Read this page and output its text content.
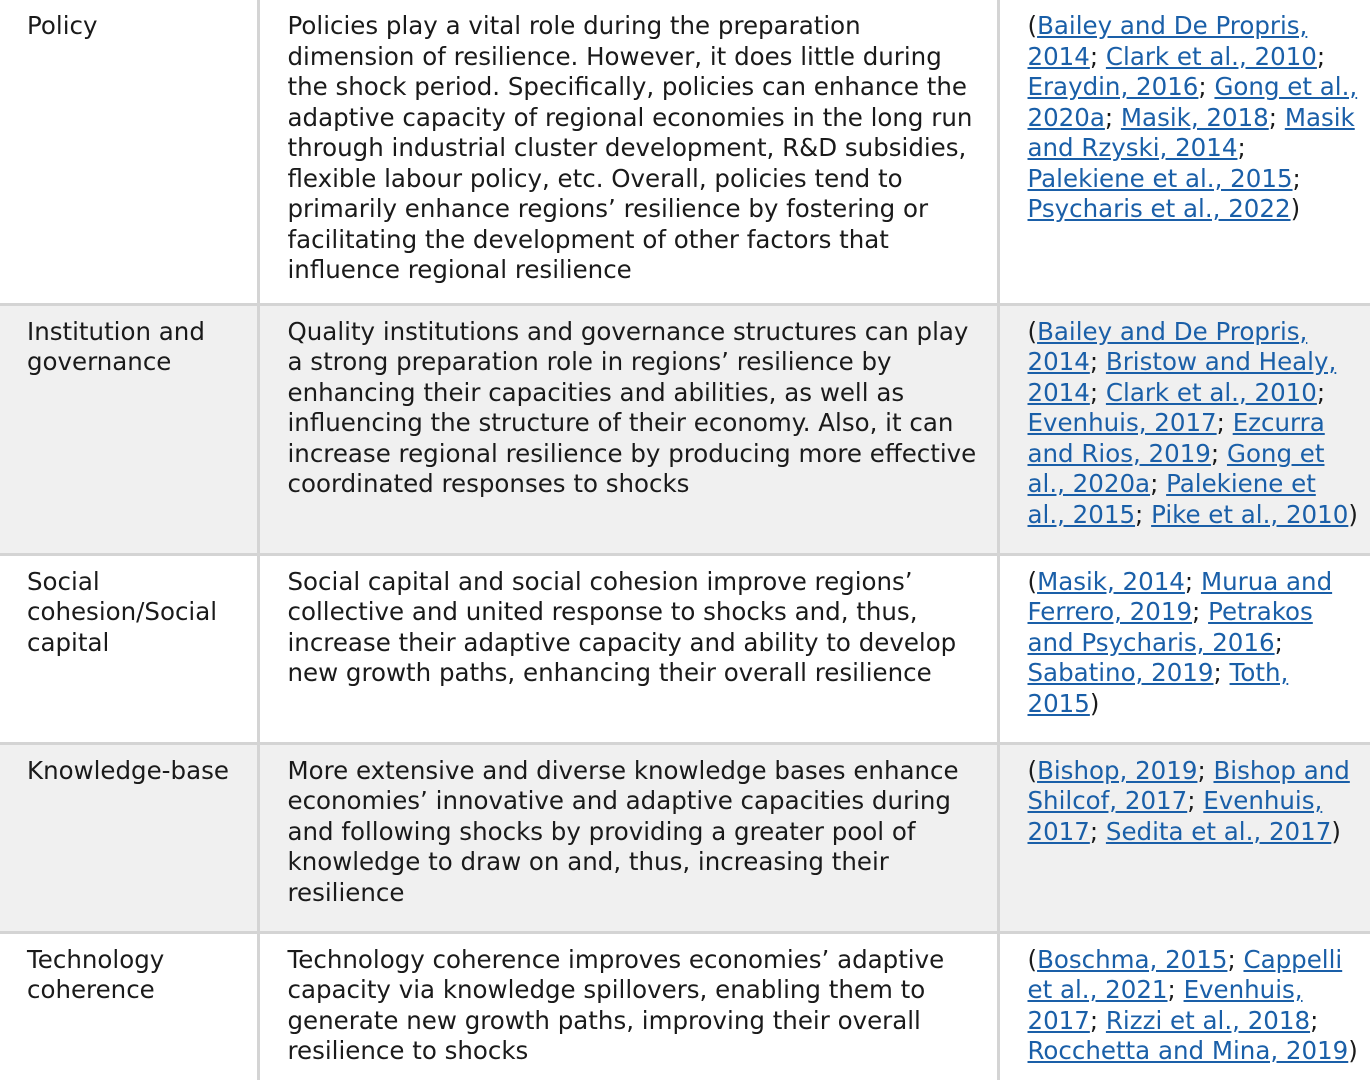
Policy	Policies play a vital role during the preparation dimension of resilience. However, it does little during the shock period. Specifically, policies can enhance the adaptive capacity of regional economies in the long run through industrial cluster development, R&D subsidies, flexible labour policy, etc. Overall, policies tend to primarily enhance regions’ resilience by fostering or facilitating the development of other factors that influence regional resilience	(Bailey and De Propris, 2014; Clark et al., 2010; Eraydin, 2016; Gong et al., 2020a; Masik, 2018; Masik and Rzyski, 2014; Palekiene et al., 2015; Psycharis et al., 2022)
Institution and governance	Quality institutions and governance structures can play a strong preparation role in regions’ resilience by enhancing their capacities and abilities, as well as influencing the structure of their economy. Also, it can increase regional resilience by producing more effective coordinated responses to shocks	(Bailey and De Propris, 2014; Bristow and Healy, 2014; Clark et al., 2010; Evenhuis, 2017; Ezcurra and Rios, 2019; Gong et al., 2020a; Palekiene et al., 2015; Pike et al., 2010)
Social cohesion/Social capital	Social capital and social cohesion improve regions’ collective and united response to shocks and, thus, increase their adaptive capacity and ability to develop new growth paths, enhancing their overall resilience	(Masik, 2014; Murua and Ferrero, 2019; Petrakos and Psycharis, 2016; Sabatino, 2019; Toth, 2015)
Knowledge-base	More extensive and diverse knowledge bases enhance economies’ innovative and adaptive capacities during and following shocks by providing a greater pool of knowledge to draw on and, thus, increasing their resilience	(Bishop, 2019; Bishop and Shilcof, 2017; Evenhuis, 2017; Sedita et al., 2017)
Technology coherence	Technology coherence improves economies’ adaptive capacity via knowledge spillovers, enabling them to generate new growth paths, improving their overall resilience to shocks	(Boschma, 2015; Cappelli et al., 2021; Evenhuis, 2017; Rizzi et al., 2018; Rocchetta and Mina, 2019)
